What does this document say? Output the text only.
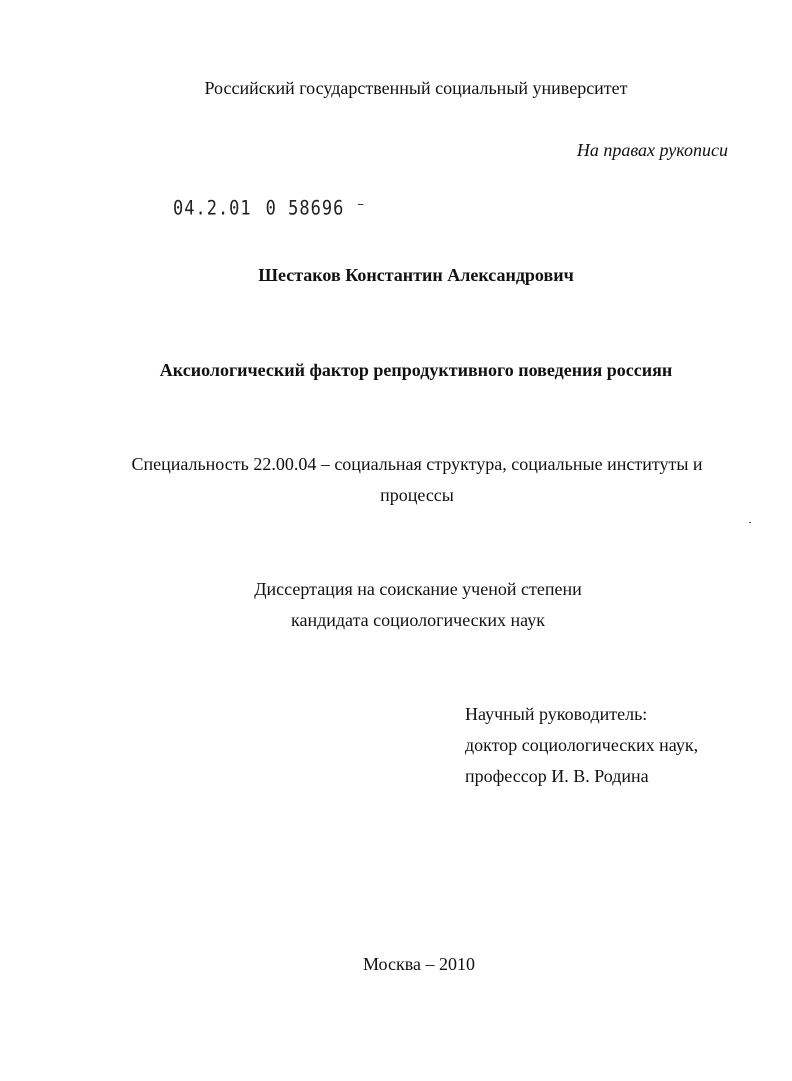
Российский государственный социальный университет
На правах рукописи
04.2.01 0 58696 ⁻
Шестаков Константин Александрович
Аксиологический фактор репродуктивного поведения россиян
Специальность 22.00.04 – социальная структура, социальные институты и
процессы
Диссертация на соискание ученой степени
кандидата социологических наук
Научный руководитель:
доктор социологических наук,
профессор И. В. Родина
Москва – 2010
